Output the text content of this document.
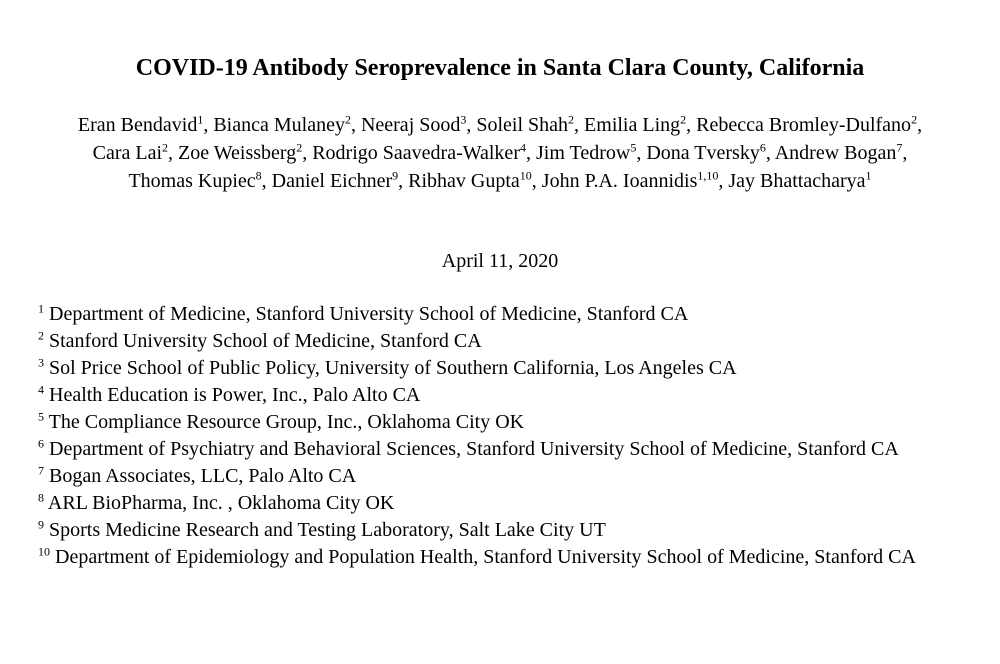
COVID-19 Antibody Seroprevalence in Santa Clara County, California
Eran Bendavid$^1$, Bianca Mulaney$^2$, Neeraj Sood$^3$, Soleil Shah$^2$, Emilia Ling$^2$, Rebecca Bromley-Dulfano$^2$,
Cara Lai$^2$, Zoe Weissberg$^2$, Rodrigo Saavedra-Walker$^4$, Jim Tedrow$^5$, Dona Tversky$^6$, Andrew Bogan$^7$,
Thomas Kupiec$^8$, Daniel Eichner$^9$, Ribhav Gupta$^{10}$, John P.A. Ioannidis$^{1,10}$, Jay Bhattacharya$^1$
April 11, 2020

$^1$ Department of Medicine, Stanford University School of Medicine, Stanford CA

$^2$ Stanford University School of Medicine, Stanford CA

$^3$ Sol Price School of Public Policy, University of Southern California, Los Angeles CA

$^4$ Health Education is Power, Inc., Palo Alto CA

$^5$ The Compliance Resource Group, Inc., Oklahoma City OK

$^6$ Department of Psychiatry and Behavioral Sciences, Stanford University School of Medicine, Stanford CA

$^7$ Bogan Associates, LLC, Palo Alto CA

$^8$ ARL BioPharma, Inc. , Oklahoma City OK

$^9$ Sports Medicine Research and Testing Laboratory, Salt Lake City UT

$^{10}$ Department of Epidemiology and Population Health, Stanford University School of Medicine, Stanford CA
